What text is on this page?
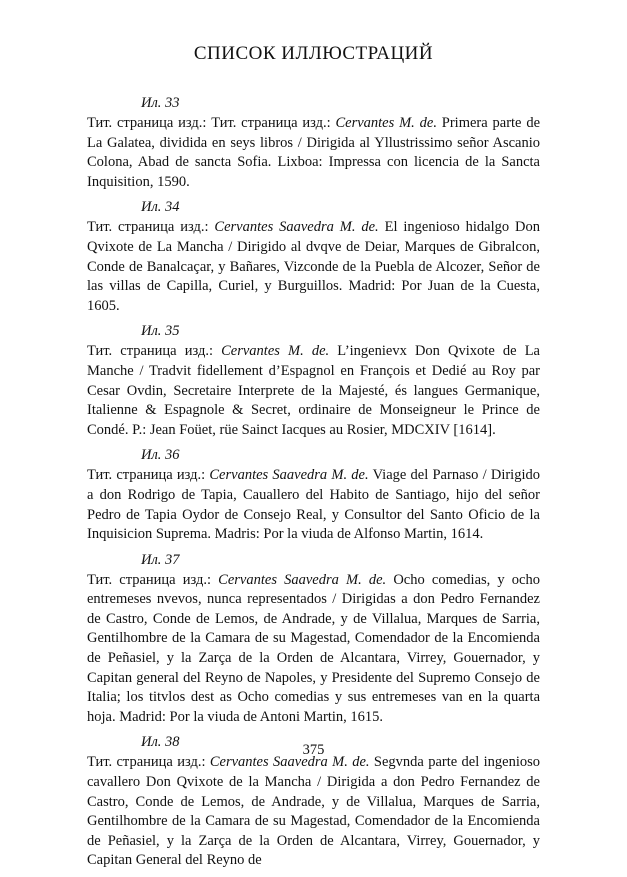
СПИСОК ИЛЛЮСТРАЦИЙ
Ил. 33

Тит. страница изд.: Тит. страница изд.: Cervantes M. de. Primera parte de La Galatea, dividida en seys libros / Dirigida al Yllustrissimo señor Ascanio Colona, Abad de sancta Sofia. Lixboa: Impressa con licencia de la Sancta Inquisition, 1590.

Ил. 34

Тит. страница изд.: Cervantes Saavedra M. de. El ingenioso hidalgo Don Qvixote de La Mancha / Dirigido al dvqve de Deiar, Marques de Gibralcon, Conde de Banalcaçar, y Bañares, Vizconde de la Puebla de Alcozer, Señor de las villas de Capilla, Curiel, y Burguillos. Madrid: Por Juan de la Cuesta, 1605.

Ил. 35

Тит. страница изд.: Cervantes M. de. L’ingenievx Don Qvixote de La Manche / Tradvit fidellement d’Espagnol en François et Dedié au Roy par Cesar Ovdin, Secretaire Interprete de la Majesté, és langues Germanique, Italienne & Espagnole & Secret, ordinaire de Monseigneur le Prince de Condé. P.: Jean Foüet, rüe Sainct Iacques au Rosier, MDCXIV [1614].

Ил. 36

Тит. страница изд.: Cervantes Saavedra M. de. Viage del Parnaso / Dirigido a don Rodrigo de Tapia, Cauallero del Habito de Santiago, hijo del señor Pedro de Tapia Oydor de Consejo Real, y Consultor del Santo Oficio de la Inquisicion Suprema. Madris: Por la viuda de Alfonso Martin, 1614.

Ил. 37

Тит. страница изд.: Cervantes Saavedra M. de. Ocho comedias, y ocho entremeses nvevos, nunca representados / Dirigidas a don Pedro Fernandez de Castro, Conde de Lemos, de Andrade, y de Villalua, Marques de Sarria, Gentilhombre de la Camara de su Magestad, Comendador de la Encomienda de Peñasiel, y la Zarça de la Orden de Alcantara, Virrey, Gouernador, y Capitan general del Reyno de Napoles, y Presidente del Supremo Consejo de Italia; los titvlos dest as Ocho comedias y sus entremeses van en la quarta hoja. Madrid: Por la viuda de Antoni Martin, 1615.

Ил. 38

Тит. страница изд.: Cervantes Saavedra M. de. Segvnda parte del ingenioso cavallero Don Qvixote de la Mancha / Dirigida a don Pedro Fernandez de Castro, Conde de Lemos, de Andrade, y de Villalua, Marques de Sarria, Gentilhombre de la Camara de su Magestad, Comendador de la Encomienda de Peñasiel, y la Zarça de la Orden de Alcantara, Virrey, Gouernador, y Capitan General del Reyno de

375
